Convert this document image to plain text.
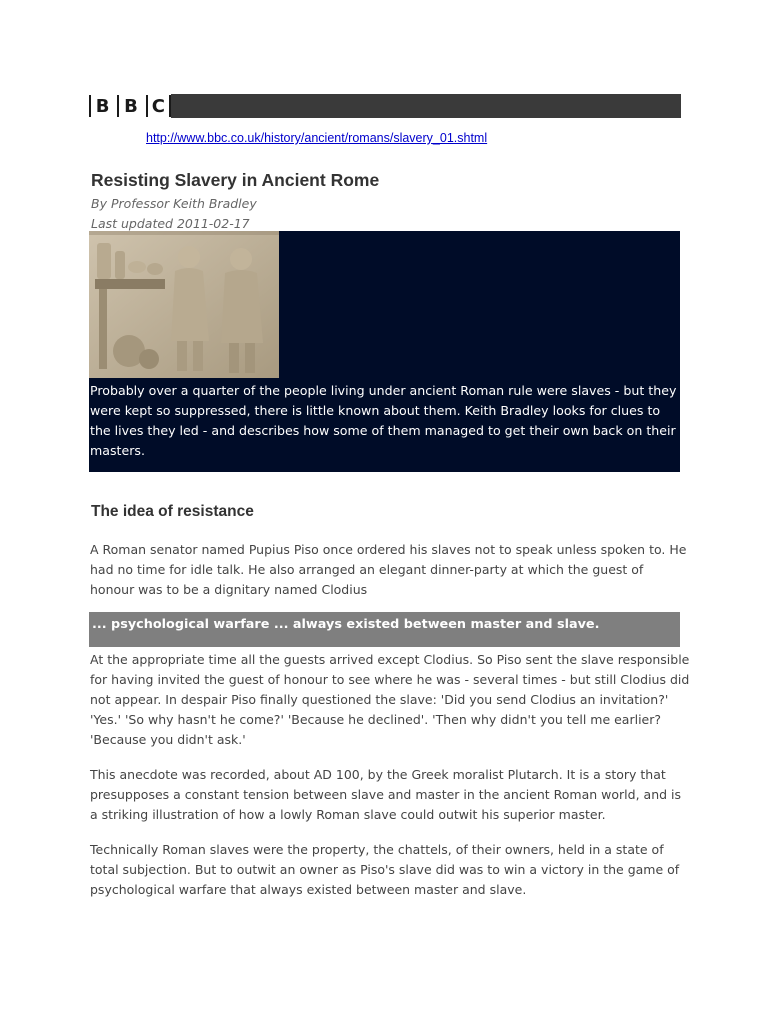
B B C
http://www.bbc.co.uk/history/ancient/romans/slavery_01.shtml
Resisting Slavery in Ancient Rome
By Professor Keith Bradley
Last updated 2011-02-17
Probably over a quarter of the people living under ancient Roman rule were slaves - but they were kept so suppressed, there is little known about them. Keith Bradley looks for clues to the lives they led - and describes how some of them managed to get their own back on their masters.
The idea of resistance

A Roman senator named Pupius Piso once ordered his slaves not to speak unless spoken to. He had no time for idle talk. He also arranged an elegant dinner-party at which the guest of honour was to be a dignitary named Clodius

... psychological warfare ... always existed between master and slave.

At the appropriate time all the guests arrived except Clodius. So Piso sent the slave responsible for having invited the guest of honour to see where he was - several times - but still Clodius did not appear. In despair Piso finally questioned the slave: 'Did you send Clodius an invitation?' 'Yes.' 'So why hasn't he come?' 'Because he declined'. 'Then why didn't you tell me earlier? 'Because you didn't ask.'

This anecdote was recorded, about AD 100, by the Greek moralist Plutarch. It is a story that presupposes a constant tension between slave and master in the ancient Roman world, and is a striking illustration of how a lowly Roman slave could outwit his superior master.

Technically Roman slaves were the property, the chattels, of their owners, held in a state of total subjection. But to outwit an owner as Piso's slave did was to win a victory in the game of psychological warfare that always existed between master and slave.
